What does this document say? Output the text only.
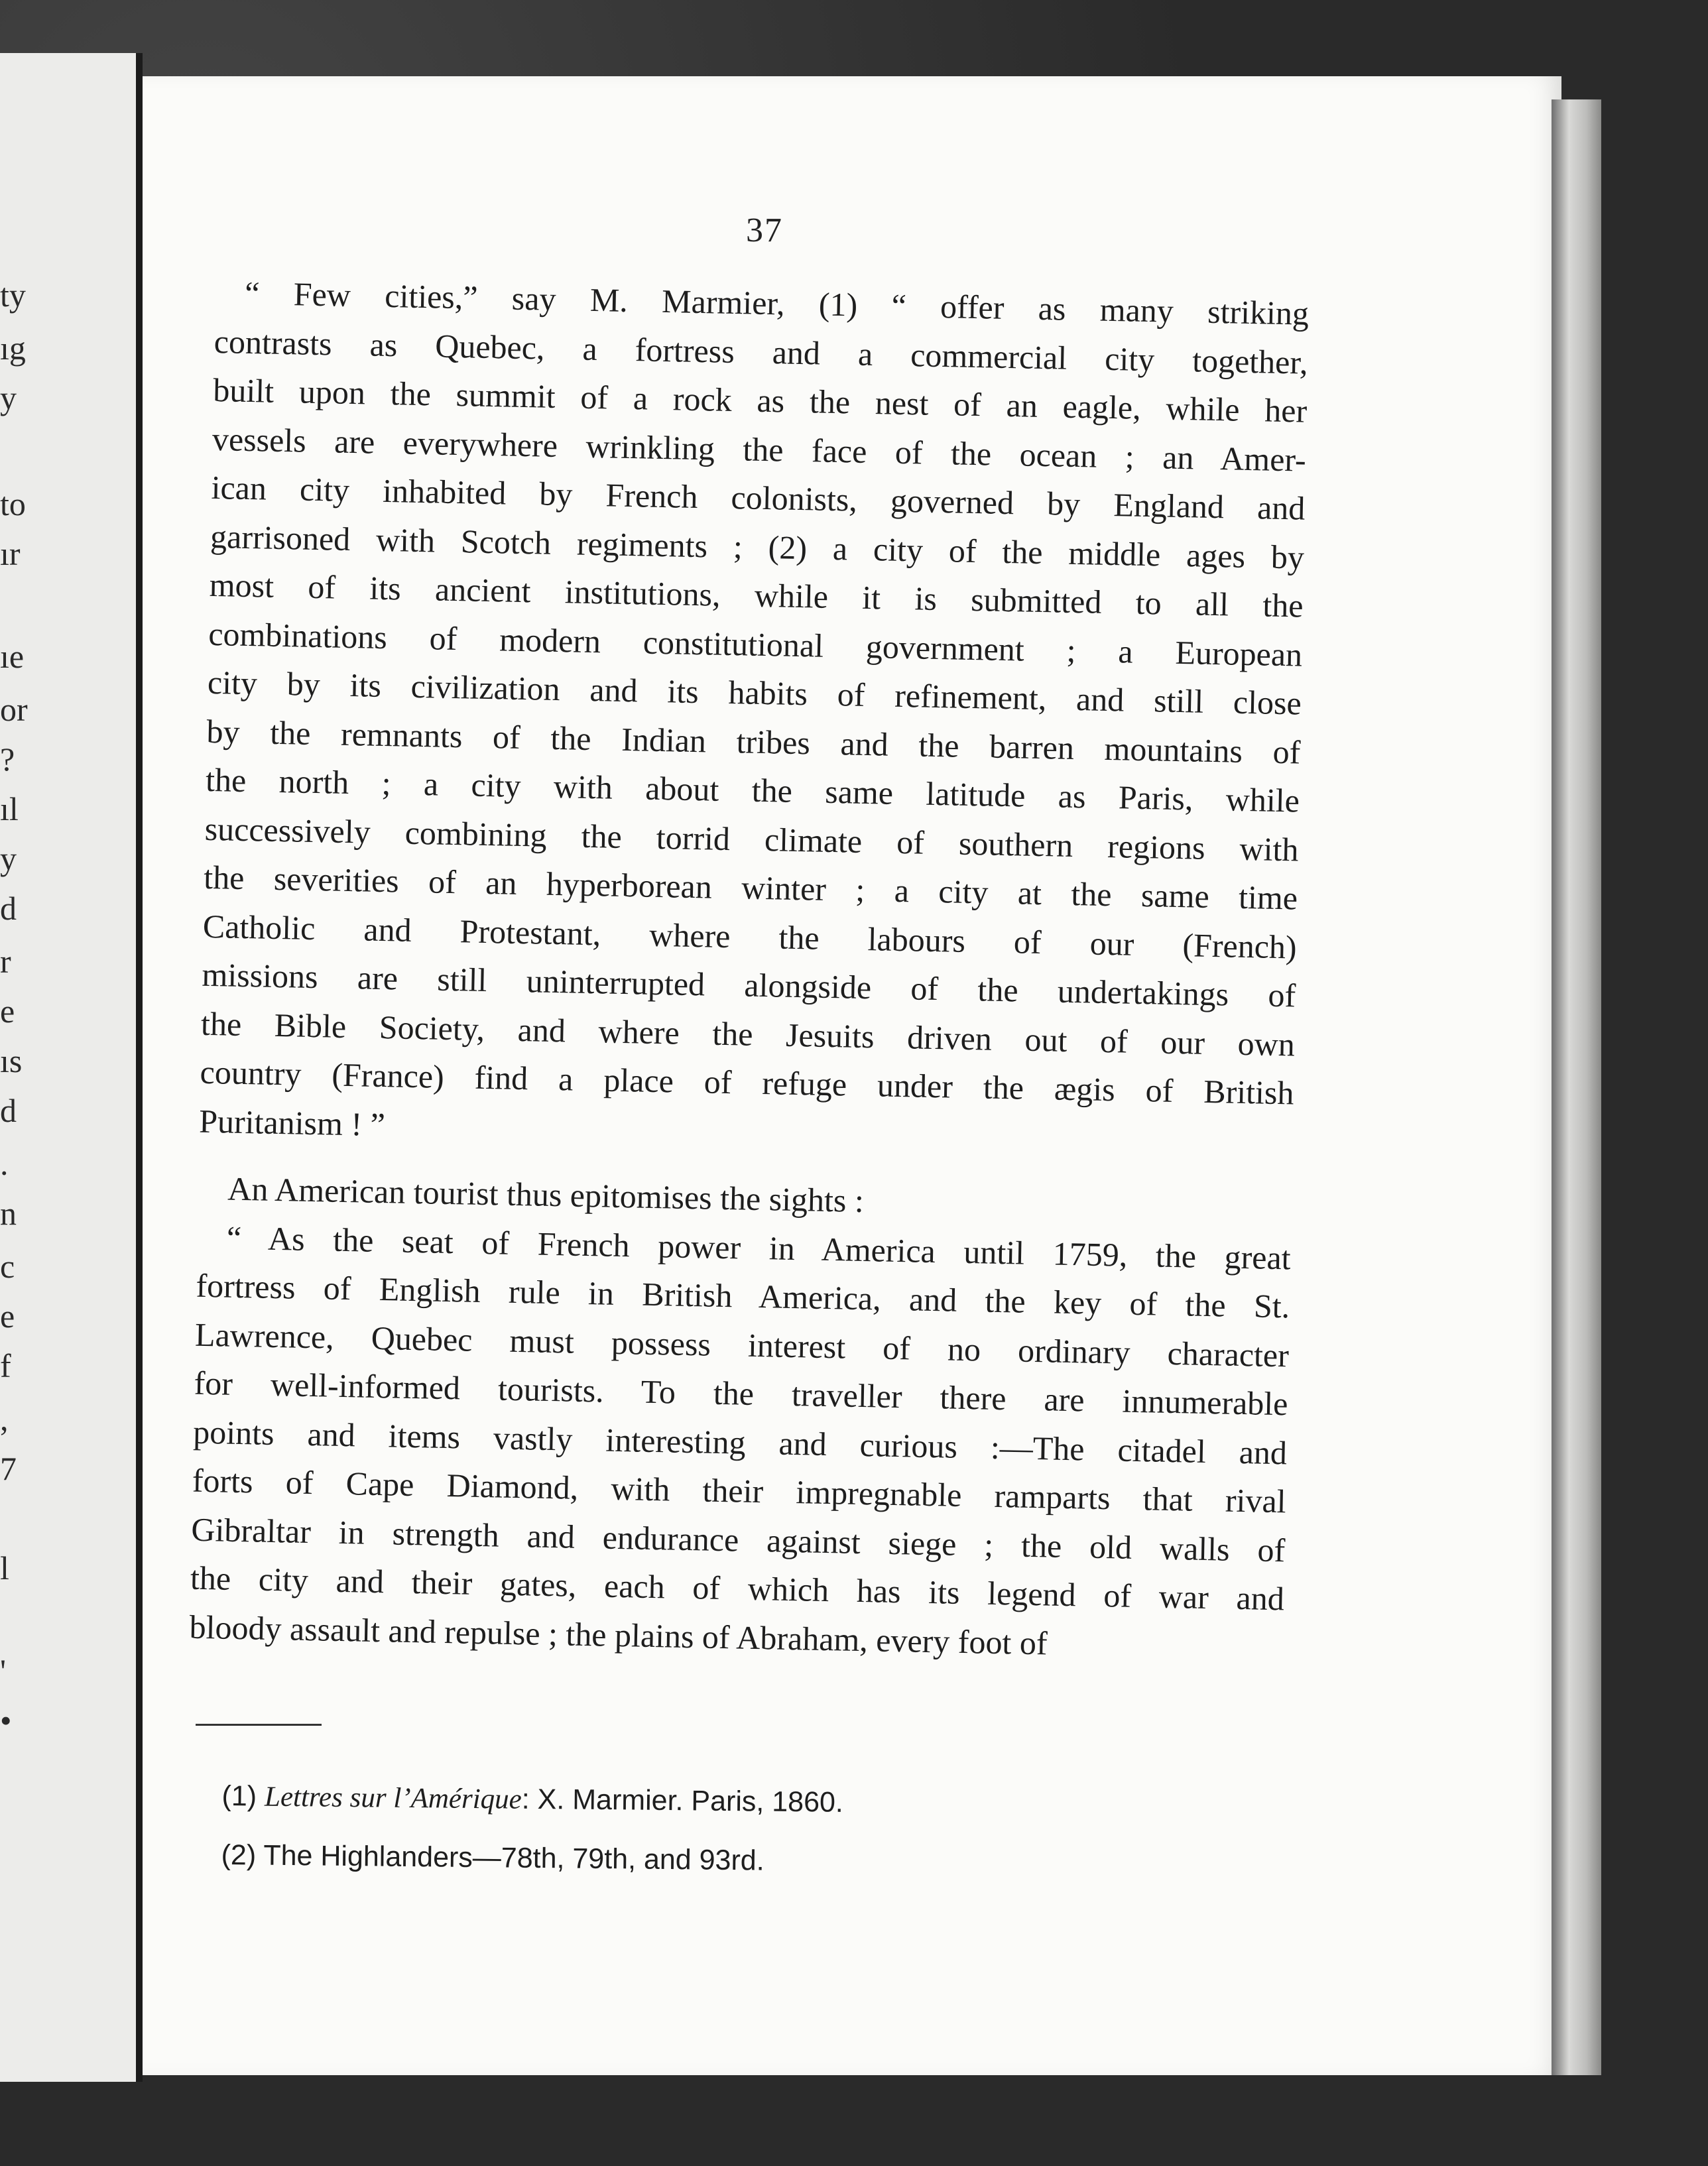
ty
ıg
y
to
ır
ıe
or
?
ıl
y
d
r
e
ıs
d
.
n
c
e
f
,
7
l
'
•
37
“ Few cities,” say M. Marmier, (1) “ offer as many striking
contrasts as Quebec, a fortress and a commercial city together,
built upon the summit of a rock as the nest of an eagle, while her
vessels are everywhere wrinkling the face of the ocean ; an Amer-
ican city inhabited by French colonists, governed by England and
garrisoned with Scotch regiments ; (2) a city of the middle ages by
most of its ancient institutions, while it is submitted to all the
combinations of modern constitutional government ; a European
city by its civilization and its habits of refinement, and still close
by the remnants of the Indian tribes and the barren mountains of
the north ; a city with about the same latitude as Paris, while
successively combining the torrid climate of southern regions with
the severities of an hyperborean winter ; a city at the same time
Catholic and Protestant, where the labours of our (French)
missions are still uninterrupted alongside of the undertakings of
the Bible Society, and where the Jesuits driven out of our own
country (France) find a place of refuge under the ægis of British
Puritanism ! ”
An American tourist thus epitomises the sights :
“ As the seat of French power in America until 1759, the great
fortress of English rule in British America, and the key of the St.
Lawrence, Quebec must possess interest of no ordinary character
for well-informed tourists. To the traveller there are innumerable
points and items vastly interesting and curious :—The citadel and
forts of Cape Diamond, with their impregnable ramparts that rival
Gibraltar in strength and endurance against siege ; the old walls of
the city and their gates, each of which has its legend of war and
bloody assault and repulse ; the plains of Abraham, every foot of
(1) Lettres sur l’Amérique: X. Marmier. Paris, 1860.
(2) The Highlanders—78th, 79th, and 93rd.
